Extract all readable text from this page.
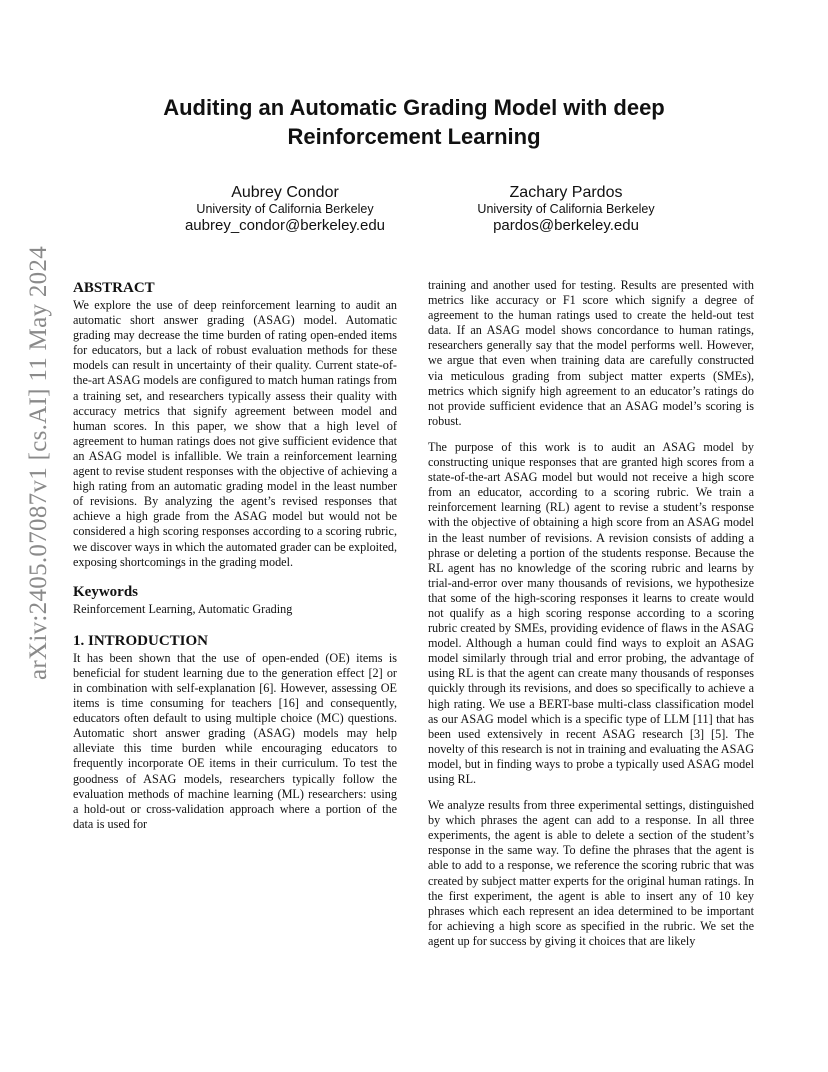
Auditing an Automatic Grading Model with deep Reinforcement Learning
Aubrey Condor
University of California Berkeley
aubrey_condor@berkeley.edu
Zachary Pardos
University of California Berkeley
pardos@berkeley.edu
arXiv:2405.07087v1 [cs.AI] 11 May 2024 ABSTRACT

We explore the use of deep reinforcement learning to audit an automatic short answer grading (ASAG) model. Automatic grading may decrease the time burden of rating open-ended items for educators, but a lack of robust evaluation methods for these models can result in uncertainty of their quality. Current state-of-the-art ASAG models are configured to match human ratings from a training set, and researchers typically assess their quality with accuracy metrics that signify agreement between model and human scores. In this paper, we show that a high level of agreement to human ratings does not give sufficient evidence that an ASAG model is infallible. We train a reinforcement learning agent to revise student responses with the objective of achieving a high rating from an automatic grading model in the least number of revisions. By analyzing the agent’s revised responses that achieve a high grade from the ASAG model but would not be considered a high scoring responses according to a scoring rubric, we discover ways in which the automated grader can be exploited, exposing shortcomings in the grading model.

Keywords

Reinforcement Learning, Automatic Grading

1. INTRODUCTION

It has been shown that the use of open-ended (OE) items is beneficial for student learning due to the generation effect [2] or in combination with self-explanation [6]. However, assessing OE items is time consuming for teachers [16] and consequently, educators often default to using multiple choice (MC) questions. Automatic short answer grading (ASAG) models may help alleviate this time burden while encouraging educators to frequently incorporate OE items in their curriculum. To test the goodness of ASAG models, researchers typically follow the evaluation methods of machine learning (ML) researchers: using a hold-out or cross-validation approach where a portion of the data is used for

training and another used for testing. Results are presented with metrics like accuracy or F1 score which signify a degree of agreement to the human ratings used to create the held-out test data. If an ASAG model shows concordance to human ratings, researchers generally say that the model performs well. However, we argue that even when training data are carefully constructed via meticulous grading from subject matter experts (SMEs), metrics which signify high agreement to an educator’s ratings do not provide sufficient evidence that an ASAG model’s scoring is robust.

The purpose of this work is to audit an ASAG model by constructing unique responses that are granted high scores from a state-of-the-art ASAG model but would not receive a high score from an educator, according to a scoring rubric. We train a reinforcement learning (RL) agent to revise a student’s response with the objective of obtaining a high score from an ASAG model in the least number of revisions. A revision consists of adding a phrase or deleting a portion of the students response. Because the RL agent has no knowledge of the scoring rubric and learns by trial-and-error over many thousands of revisions, we hypothesize that some of the high-scoring responses it learns to create would not qualify as a high scoring response according to a scoring rubric created by SMEs, providing evidence of flaws in the ASAG model. Although a human could find ways to exploit an ASAG model similarly through trial and error probing, the advantage of using RL is that the agent can create many thousands of responses quickly through its revisions, and does so specifically to achieve a high rating. We use a BERT-base multi-class classification model as our ASAG model which is a specific type of LLM [11] that has been used extensively in recent ASAG research [3] [5]. The novelty of this research is not in training and evaluating the ASAG model, but in finding ways to probe a typically used ASAG model using RL.

We analyze results from three experimental settings, distinguished by which phrases the agent can add to a response. In all three experiments, the agent is able to delete a section of the student’s response in the same way. To define the phrases that the agent is able to add to a response, we reference the scoring rubric that was created by subject matter experts for the original human ratings. In the first experiment, the agent is able to insert any of 10 key phrases which each represent an idea determined to be important for achieving a high score as specified in the rubric. We set the agent up for success by giving it choices that are likely
